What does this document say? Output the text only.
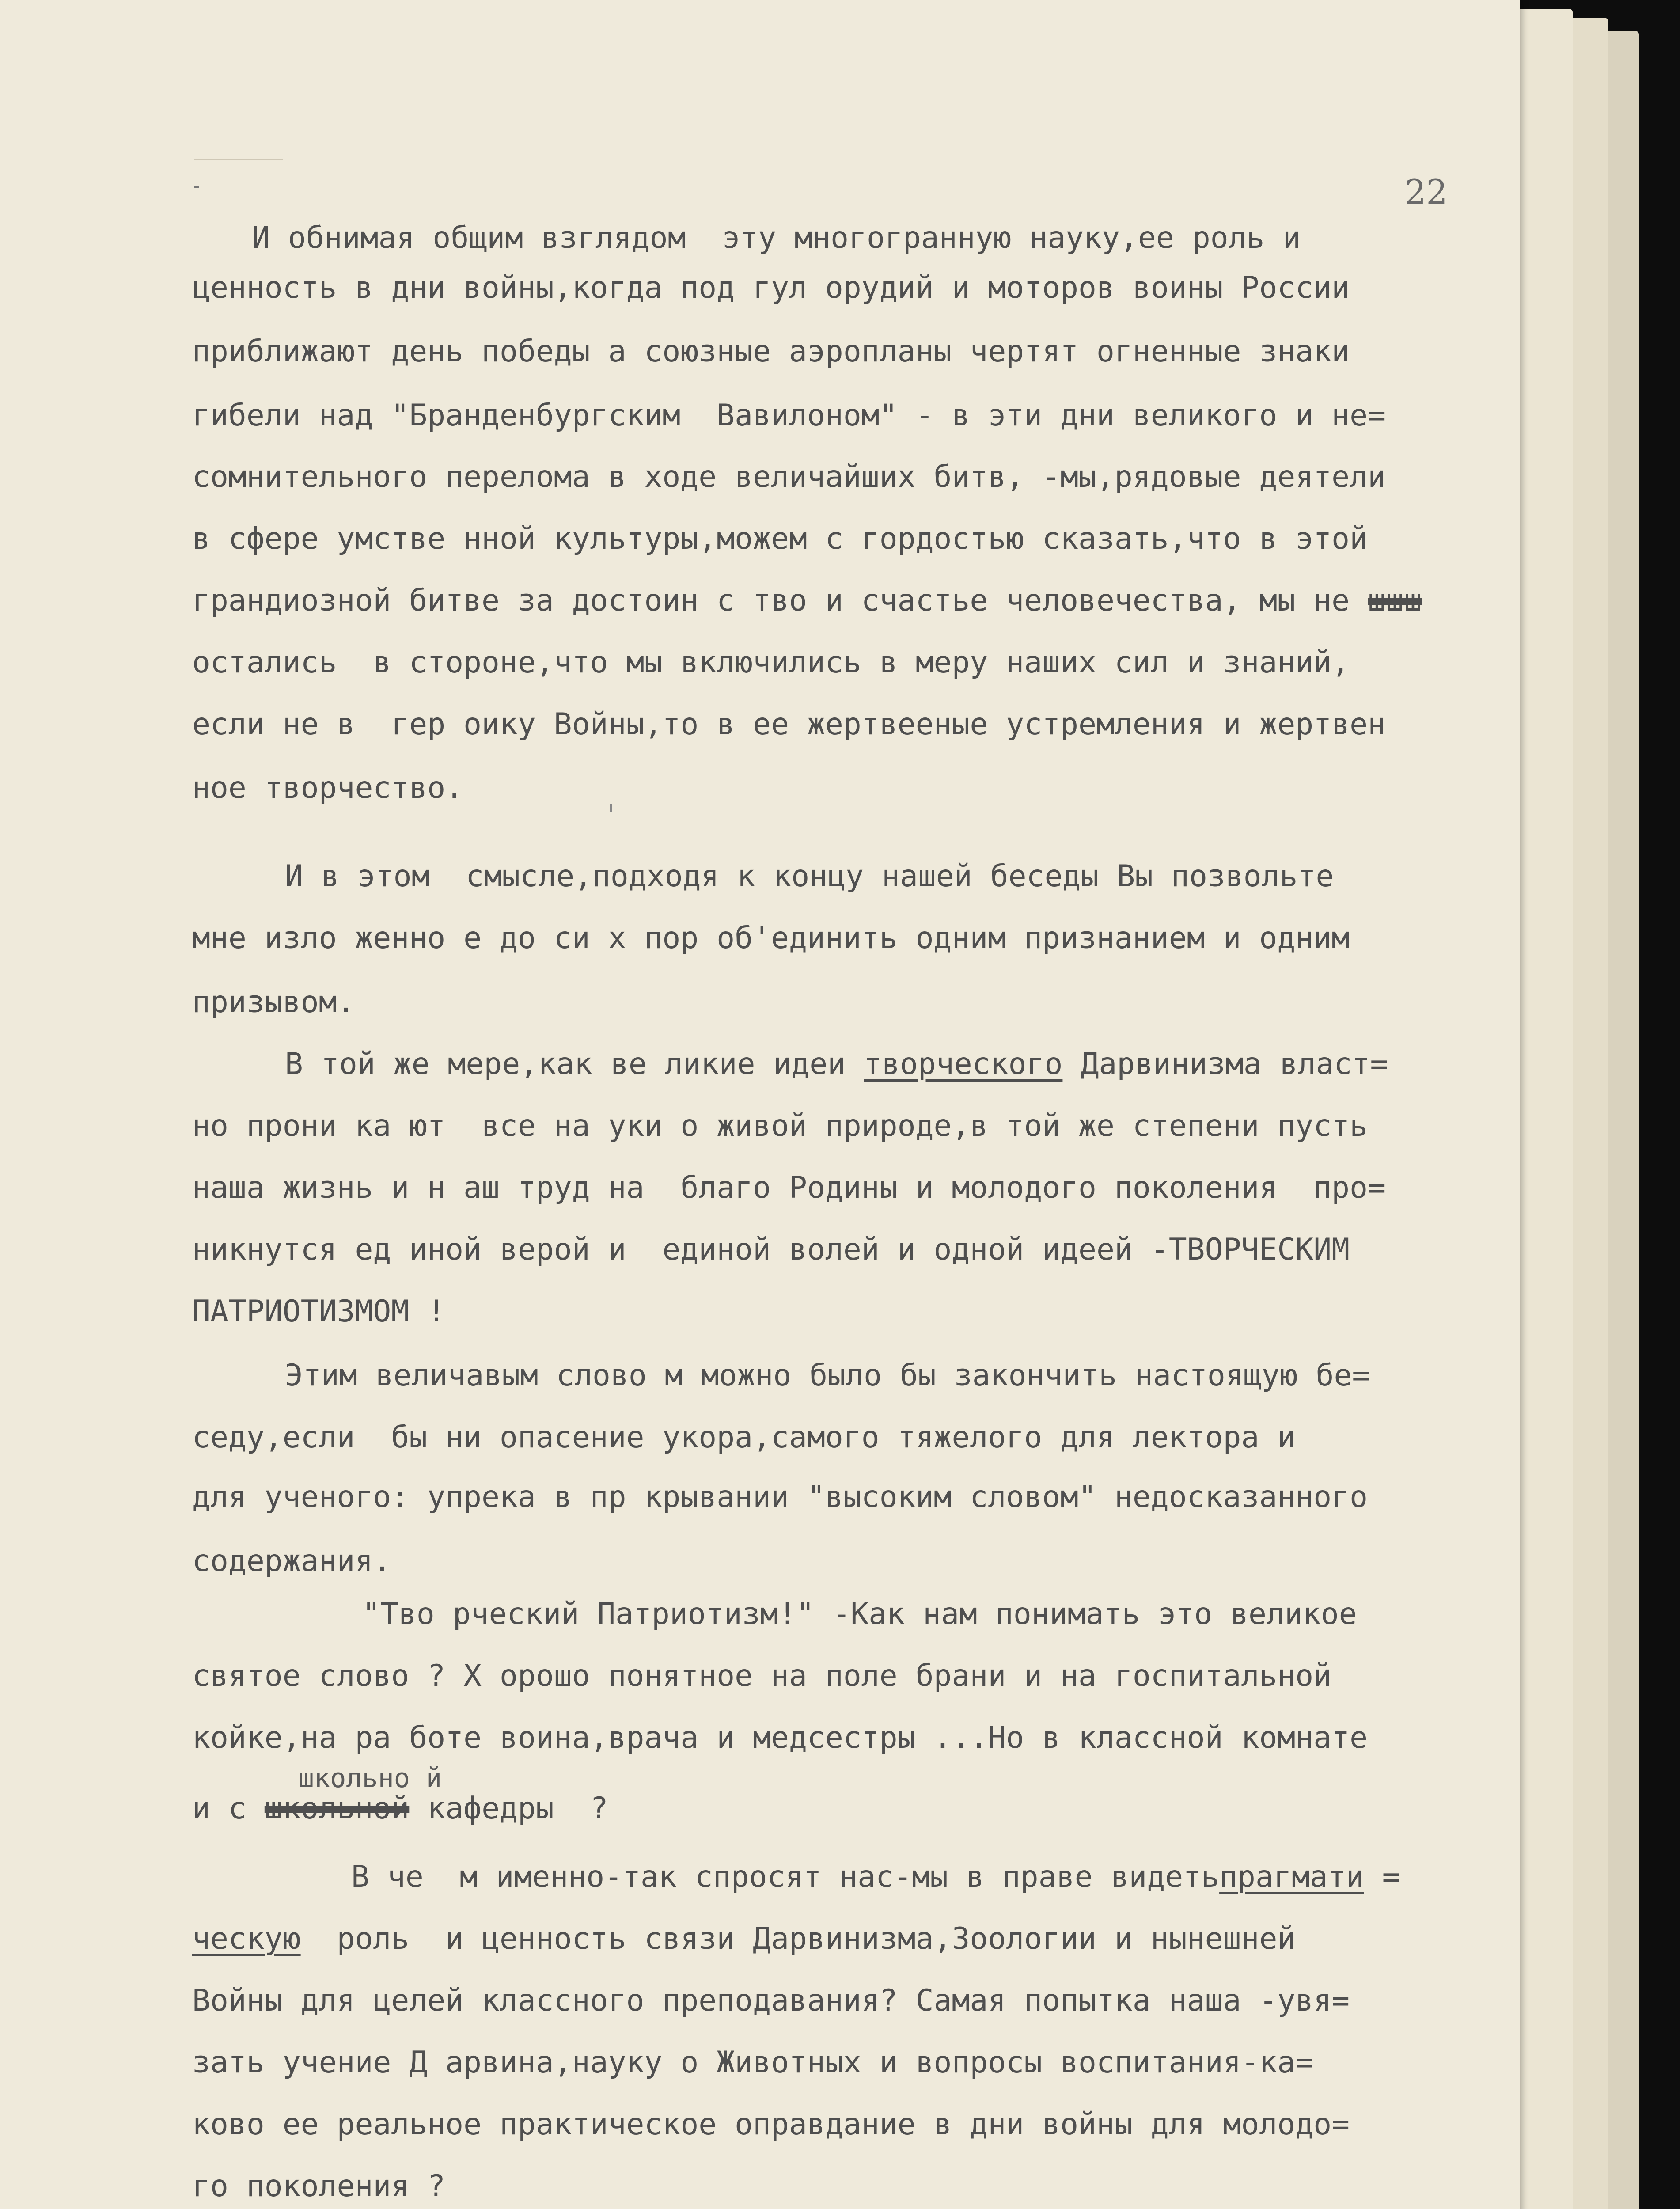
22
И обнимая общим взглядом  эту многогранную науку,ее роль и
ценность в дни войны,когда под гул орудий и моторов воины России
приближают день победы а союзные аэропланы чертят огненные знаки
гибели над "Бранденбургским  Вавилоном" - в эти дни великого и не=
сомнительного перелома в ходе величайших битв, -мы,рядовые деятели
в сфере умстве нной культуры,можем с гордостью сказать,что в этой
грандиозной битве за достоин с тво и счастье человечества, мы не шшш
остались  в стороне,что мы включились в меру наших сил и знаний,
если не в  гер оику Войны,то в ее жертвееные устремления и жертвен
ное творчество.
И в этом  смысле,подходя к концу нашей беседы Вы позвольте
мне изло женно е до си х пор об'единить одним признанием и одним
призывом.
В той же мере,как ве ликие идеи творческого Дарвинизма власт=
но прони ка ют  все на уки о живой природе,в той же степени пусть
наша жизнь и н аш труд на  благо Родины и молодого поколения  про=
никнутся ед иной верой и  единой волей и одной идеей -ТВОРЧЕСКИМ
ПАТРИОТИЗМОМ !
Этим величавым слово м можно было бы закончить настоящую бе=
седу,если  бы ни опасение укора,самого тяжелого для лектора и
для ученого: упрека в пр крывании "высоким словом" недосказанного
содержания.
"Тво рческий Патриотизм!" -Как нам понимать это великое
святое слово ? Х орошо понятное на поле брани и на госпитальной
койке,на ра боте воина,врача и медсестры ...Но в классной комнате
школьно й
и с школьной кафедры  ?
В че  м именно-так спросят нас-мы в праве видетьпрагмати =
ческую роль  и ценность связи Дарвинизма,Зоологии и нынешней
Войны для целей классного преподавания? Самая попытка наша -увя=
зать учение Д арвина,науку о Животных и вопросы воспитания-ка=
ково ее реальное практическое оправдание в дни войны для молодо=
го поколения ?
